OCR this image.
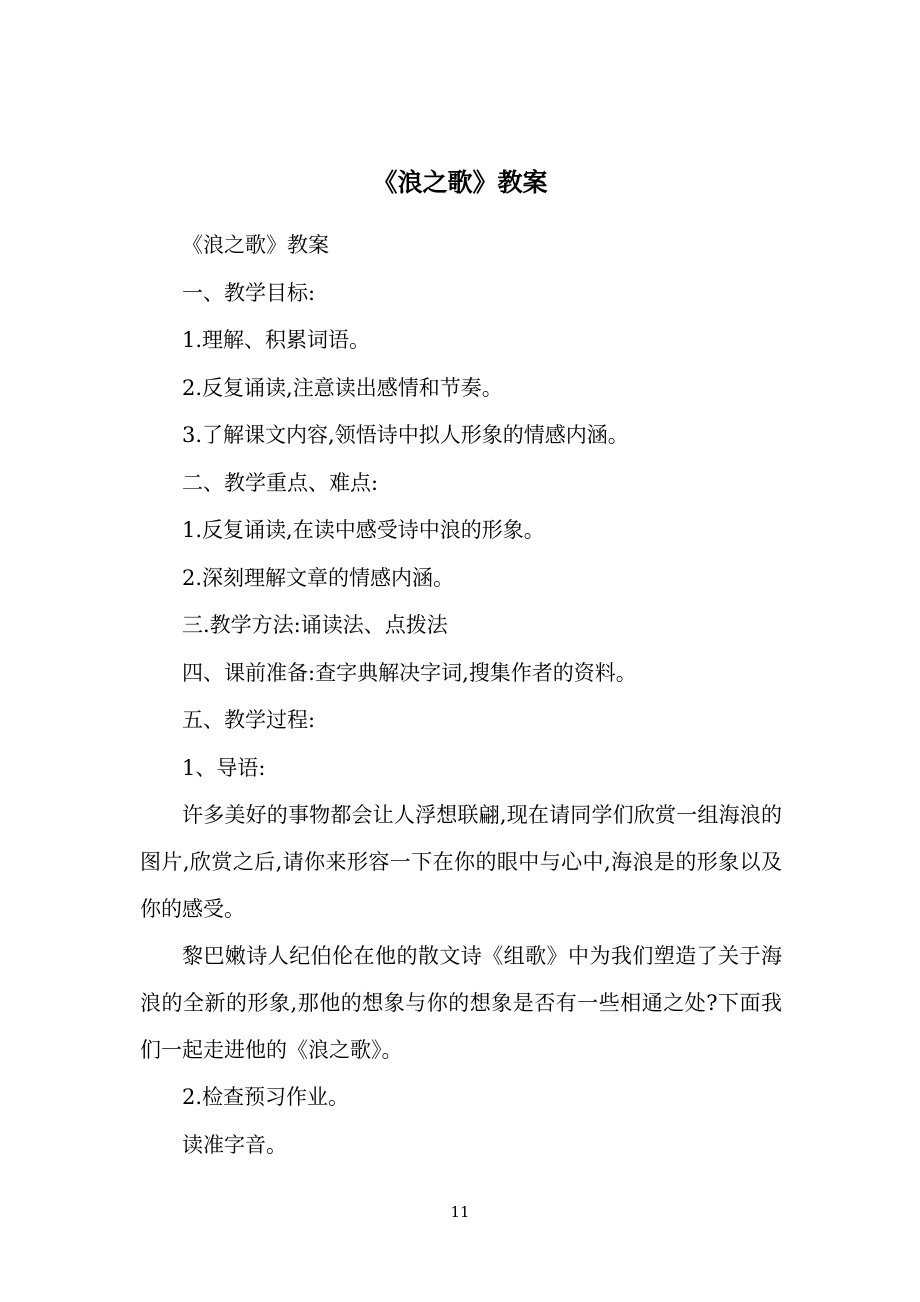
《浪之歌》教案

《浪之歌》教案

一、教学目标:

1.理解、积累词语。

2.反复诵读,注意读出感情和节奏。

3.了解课文内容,领悟诗中拟人形象的情感内涵。

二、教学重点、难点:

1.反复诵读,在读中感受诗中浪的形象。

2.深刻理解文章的情感内涵。

三.教学方法:诵读法、点拨法

四、课前准备:查字典解决字词,搜集作者的资料。

五、教学过程:

1、导语:

许多美好的事物都会让人浮想联翩,现在请同学们欣赏一组海浪的图片,欣赏之后,请你来形容一下在你的眼中与心中,海浪是的形象以及你的感受。

黎巴嫩诗人纪伯伦在他的散文诗《组歌》中为我们塑造了关于海浪的全新的形象,那他的想象与你的想象是否有一些相通之处?下面我们一起走进他的《浪之歌》。

2.检查预习作业。

读准字音。

11
